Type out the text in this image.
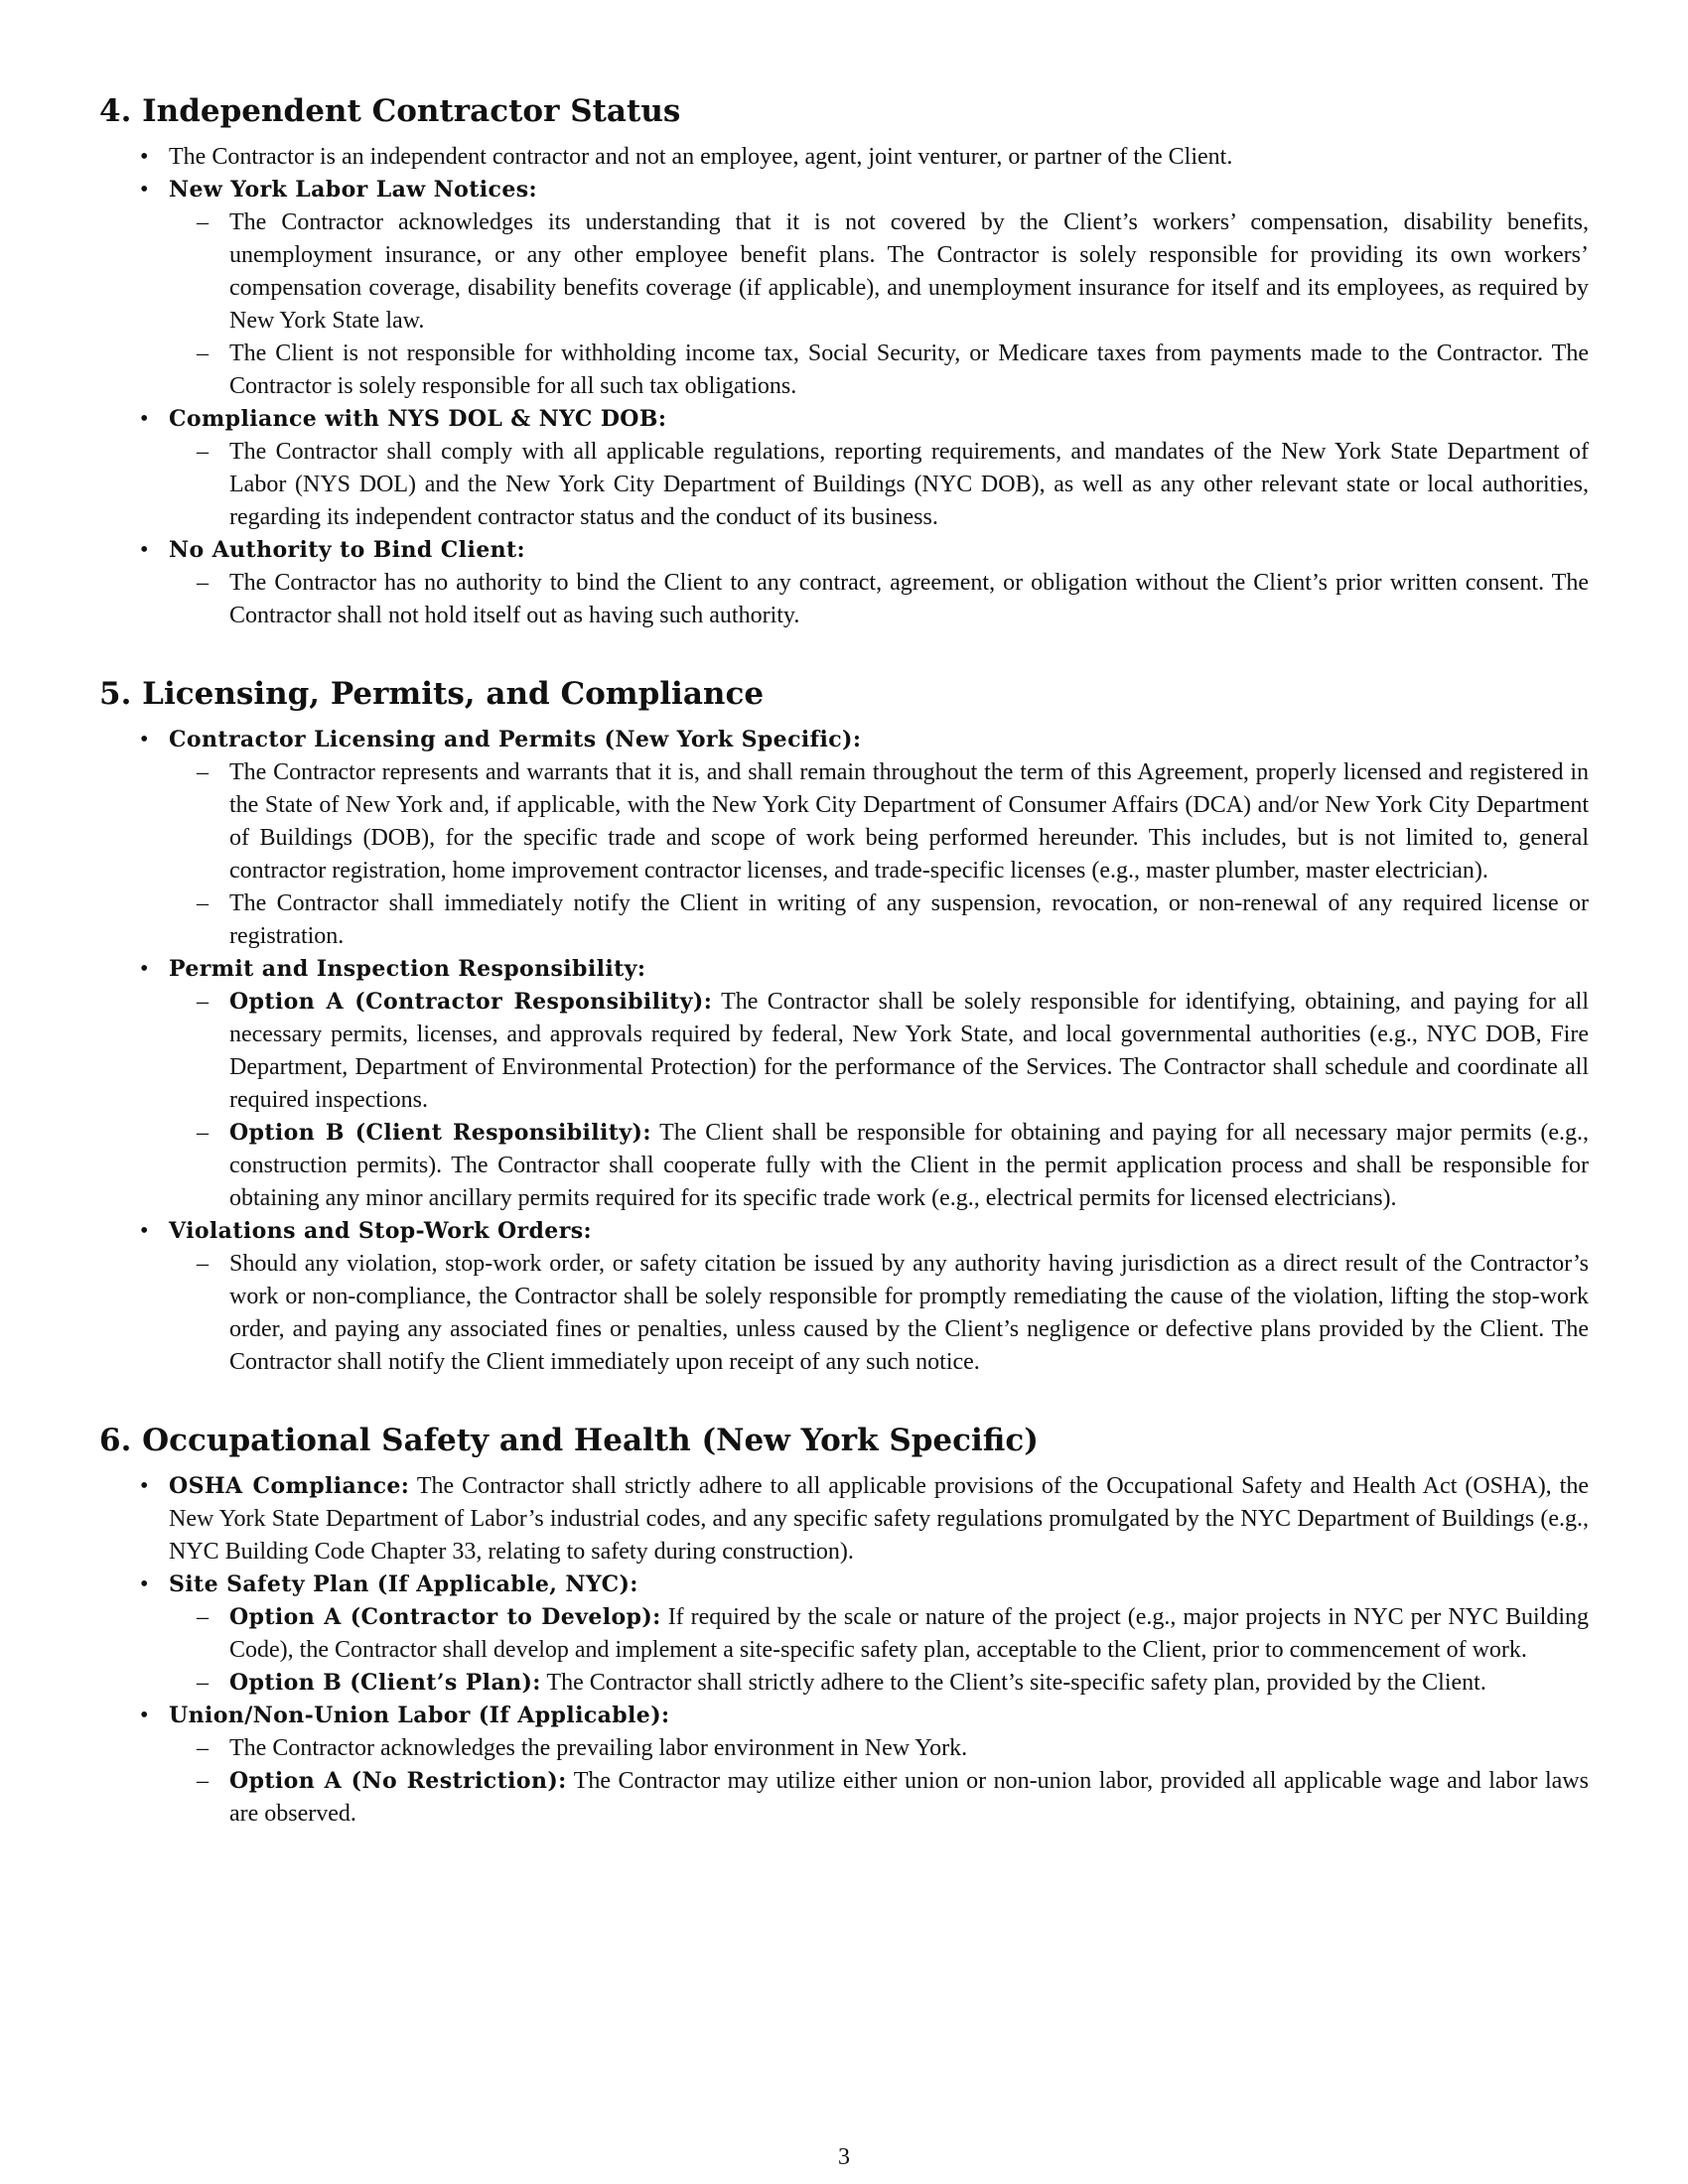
4. Independent Contractor Status
• The Contractor is an independent contractor and not an employee, agent, joint venturer, or partner of the Client.
• New York Labor Law Notices:
– The Contractor acknowledges its understanding that it is not covered by the Client’s workers’ compensation, disability benefits, unemployment insurance, or any other employee benefit plans. The Contractor is solely responsible for providing its own workers’ compensation coverage, disability benefits coverage (if applicable), and unemployment insurance for itself and its employees, as required by New York State law.
– The Client is not responsible for withholding income tax, Social Security, or Medicare taxes from payments made to the Contractor. The Contractor is solely responsible for all such tax obligations.
• Compliance with NYS DOL & NYC DOB:
– The Contractor shall comply with all applicable regulations, reporting requirements, and mandates of the New York State Department of Labor (NYS DOL) and the New York City Department of Buildings (NYC DOB), as well as any other relevant state or local authorities, regarding its independent contractor status and the conduct of its business.
• No Authority to Bind Client:
– The Contractor has no authority to bind the Client to any contract, agreement, or obligation without the Client’s prior written consent. The Contractor shall not hold itself out as having such authority.
5. Licensing, Permits, and Compliance
• Contractor Licensing and Permits (New York Specific):
– The Contractor represents and warrants that it is, and shall remain throughout the term of this Agreement, properly licensed and registered in the State of New York and, if applicable, with the New York City Department of Consumer Affairs (DCA) and/or New York City Department of Buildings (DOB), for the specific trade and scope of work being performed hereunder. This includes, but is not limited to, general contractor registration, home improvement contractor licenses, and trade-specific licenses (e.g., master plumber, master electrician).
– The Contractor shall immediately notify the Client in writing of any suspension, revocation, or non-renewal of any required license or registration.
• Permit and Inspection Responsibility:
– Option A (Contractor Responsibility): The Contractor shall be solely responsible for identifying, obtaining, and paying for all necessary permits, licenses, and approvals required by federal, New York State, and local governmental authorities (e.g., NYC DOB, Fire Department, Department of Environmental Protection) for the performance of the Services. The Contractor shall schedule and coordinate all required inspections.
– Option B (Client Responsibility): The Client shall be responsible for obtaining and paying for all necessary major permits (e.g., construction permits). The Contractor shall cooperate fully with the Client in the permit application process and shall be responsible for obtaining any minor ancillary permits required for its specific trade work (e.g., electrical permits for licensed electricians).
• Violations and Stop-Work Orders:
– Should any violation, stop-work order, or safety citation be issued by any authority having jurisdiction as a direct result of the Contractor’s work or non-compliance, the Contractor shall be solely responsible for promptly remediating the cause of the violation, lifting the stop-work order, and paying any associated fines or penalties, unless caused by the Client’s negligence or defective plans provided by the Client. The Contractor shall notify the Client immediately upon receipt of any such notice.
6. Occupational Safety and Health (New York Specific)
• OSHA Compliance: The Contractor shall strictly adhere to all applicable provisions of the Occupational Safety and Health Act (OSHA), the New York State Department of Labor’s industrial codes, and any specific safety regulations promulgated by the NYC Department of Buildings (e.g., NYC Building Code Chapter 33, relating to safety during construction).
• Site Safety Plan (If Applicable, NYC):
– Option A (Contractor to Develop): If required by the scale or nature of the project (e.g., major projects in NYC per NYC Building Code), the Contractor shall develop and implement a site-specific safety plan, acceptable to the Client, prior to commencement of work.
– Option B (Client’s Plan): The Contractor shall strictly adhere to the Client’s site-specific safety plan, provided by the Client.
• Union/Non-Union Labor (If Applicable):
– The Contractor acknowledges the prevailing labor environment in New York.
– Option A (No Restriction): The Contractor may utilize either union or non-union labor, provided all applicable wage and labor laws are observed.
3
